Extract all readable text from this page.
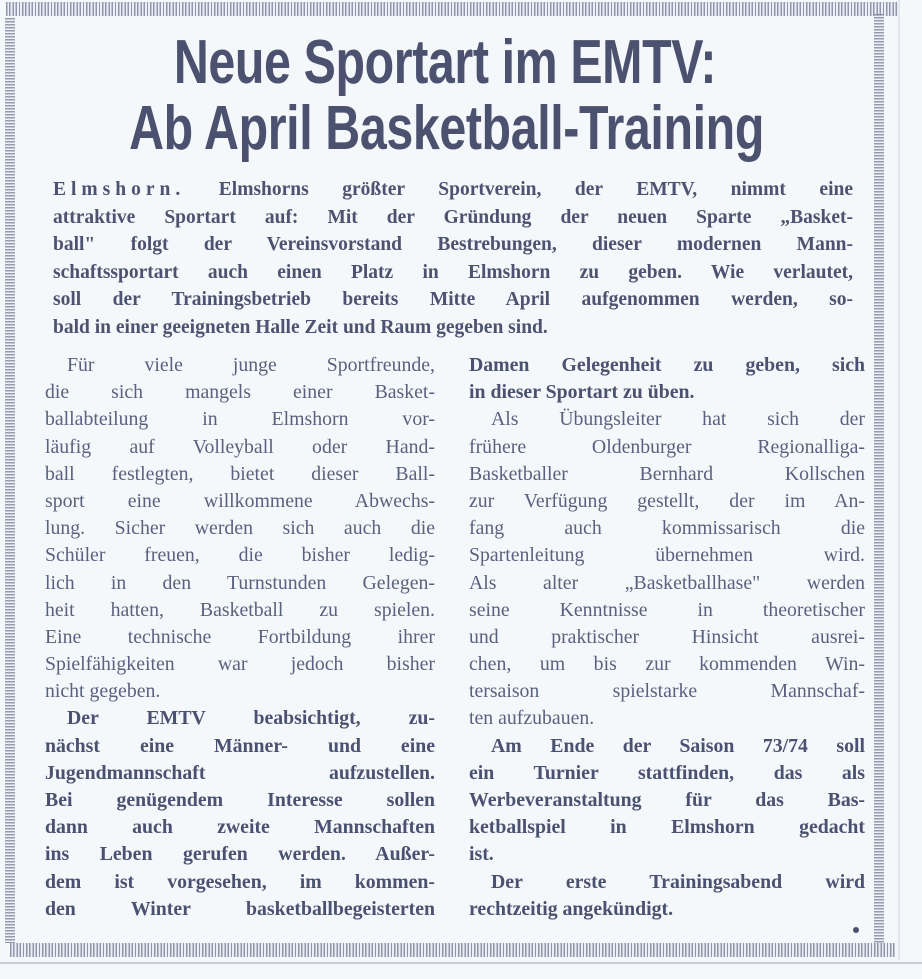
Neue Sportart im EMTV:
Ab April Basketball-Training
Elmshorn. Elmshorns größter Sportverein, der EMTV, nimmt eine
attraktive Sportart auf: Mit der Gründung der neuen Sparte „Basket-
ball" folgt der Vereinsvorstand Bestrebungen, dieser modernen Mann-
schaftssportart auch einen Platz in Elmshorn zu geben. Wie verlautet,
soll der Trainingsbetrieb bereits Mitte April aufgenommen werden, so-
bald in einer geeigneten Halle Zeit und Raum gegeben sind.
Für viele junge Sportfreunde,
die sich mangels einer Basket-
ballabteilung in Elmshorn vor-
läufig auf Volleyball oder Hand-
ball festlegten, bietet dieser Ball-
sport eine willkommene Abwechs-
lung. Sicher werden sich auch die
Schüler freuen, die bisher ledig-
lich in den Turnstunden Gelegen-
heit hatten, Basketball zu spielen.
Eine technische Fortbildung ihrer
Spielfähigkeiten war jedoch bisher
nicht gegeben.
Der EMTV beabsichtigt, zu-
nächst eine Männer- und eine
Jugendmannschaft aufzustellen.
Bei genügendem Interesse sollen
dann auch zweite Mannschaften
ins Leben gerufen werden. Außer-
dem ist vorgesehen, im kommen-
den Winter basketballbegeisterten
Damen Gelegenheit zu geben, sich
in dieser Sportart zu üben.
Als Übungsleiter hat sich der
frühere Oldenburger Regionalliga-
Basketballer Bernhard Kollschen
zur Verfügung gestellt, der im An-
fang auch kommissarisch die
Spartenleitung übernehmen wird.
Als alter „Basketballhase" werden
seine Kenntnisse in theoretischer
und praktischer Hinsicht ausrei-
chen, um bis zur kommenden Win-
tersaison spielstarke Mannschaf-
ten aufzubauen.
Am Ende der Saison 73/74 soll
ein Turnier stattfinden, das als
Werbeveranstaltung für das Bas-
ketballspiel in Elmshorn gedacht
ist.
Der erste Trainingsabend wird
rechtzeitig angekündigt.
